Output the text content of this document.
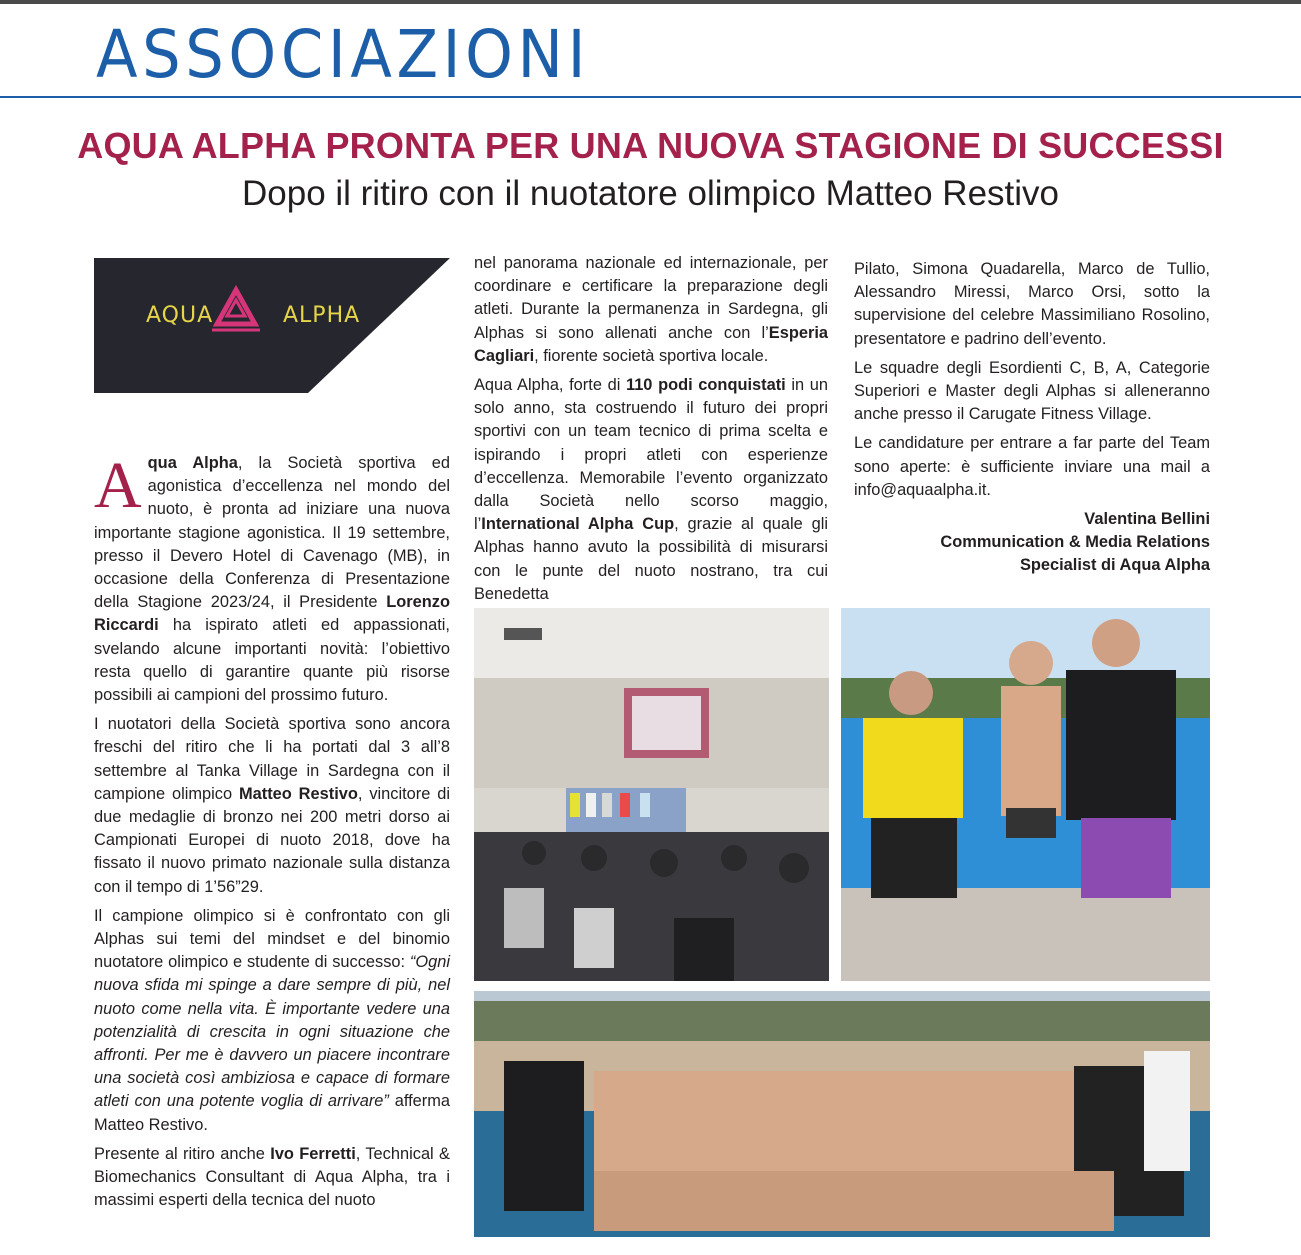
ASSOCIAZIONI
AQUA ALPHA PRONTA PER UNA NUOVA STAGIONE DI SUCCESSI
Dopo il ritiro con il nuotatore olimpico Matteo Restivo
AQUA	ALPHA

Aqua Alpha, la Società sportiva ed agonistica d’eccellenza nel mondo del nuoto, è pronta ad iniziare una nuova importante stagione agonistica. Il 19 settembre, presso il Devero Hotel di Cavenago (MB), in occasione della Conferenza di Presentazione della Stagione 2023/24, il Presidente Lorenzo Riccardi ha ispirato atleti ed appassionati, svelando alcune importanti novità: l’obiettivo resta quello di garantire quante più risorse possibili ai campioni del prossimo futuro.

I nuotatori della Società sportiva sono ancora freschi del ritiro che li ha portati dal 3 all’8 settembre al Tanka Village in Sardegna con il campione olimpico Matteo Restivo, vincitore di due medaglie di bronzo nei 200 metri dorso ai Campionati Europei di nuoto 2018, dove ha fissato il nuovo primato nazionale sulla distanza con il tempo di 1’56”29.

Il campione olimpico si è confrontato con gli Alphas sui temi del mindset e del binomio nuotatore olimpico e studente di successo: “Ogni nuova sfida mi spinge a dare sempre di più, nel nuoto come nella vita. È importante vedere una potenzialità di crescita in ogni situazione che affronti. Per me è davvero un piacere incontrare una società così ambiziosa e capace di formare atleti con una potente voglia di arrivare” afferma Matteo Restivo.

Presente al ritiro anche Ivo Ferretti, Technical & Biomechanics Consultant di Aqua Alpha, tra i massimi esperti della tecnica del nuoto

nel panorama nazionale ed internazionale, per coordinare e certificare la preparazione degli atleti. Durante la permanenza in Sardegna, gli Alphas si sono allenati anche con l’Esperia Cagliari, fiorente società sportiva locale.

Aqua Alpha, forte di 110 podi conquistati in un solo anno, sta costruendo il futuro dei propri sportivi con un team tecnico di prima scelta e ispirando i propri atleti con esperienze d’eccellenza. Memorabile l’evento organizzato dalla Società nello scorso maggio, l’International Alpha Cup, grazie al quale gli Alphas hanno avuto la possibilità di misurarsi con le punte del nuoto nostrano, tra cui Benedetta

Pilato, Simona Quadarella, Marco de Tullio, Alessandro Miressi, Marco Orsi, sotto la supervisione del celebre Massimiliano Rosolino, presentatore e padrino dell’evento.

Le squadre degli Esordienti C, B, A, Categorie Superiori e Master degli Alphas si alleneranno anche presso il Carugate Fitness Village.

Le candidature per entrare a far parte del Team sono aperte: è sufficiente inviare una mail a info@aquaalpha.it.

Valentina Bellini
Communication & Media Relations
Specialist di Aqua Alpha
